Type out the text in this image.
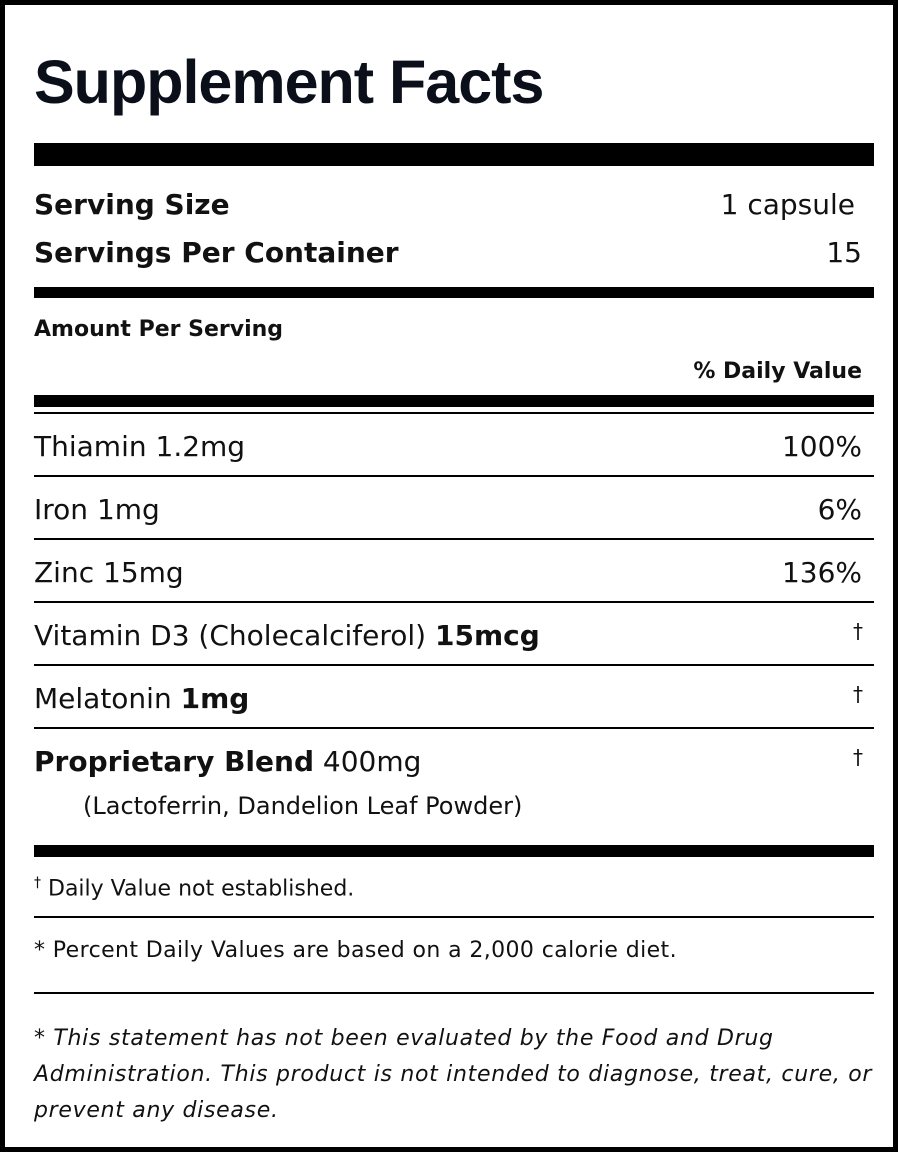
Supplement Facts
Serving Size	1 capsule
Servings Per Container	15
Amount Per Serving
% Daily Value
Thiamin 1.2mg	100%
Iron 1mg	6%
Zinc 15mg	136%
Vitamin D3 (Cholecalciferol) 15mcg	†
Melatonin 1mg	†
Proprietary Blend 400mg	†
(Lactoferrin, Dandelion Leaf Powder)
† Daily Value not established.
* Percent Daily Values are based on a 2,000 calorie diet.
* This statement has not been evaluated by the Food and Drug Administration. This product is not intended to diagnose, treat, cure, or prevent any disease.
